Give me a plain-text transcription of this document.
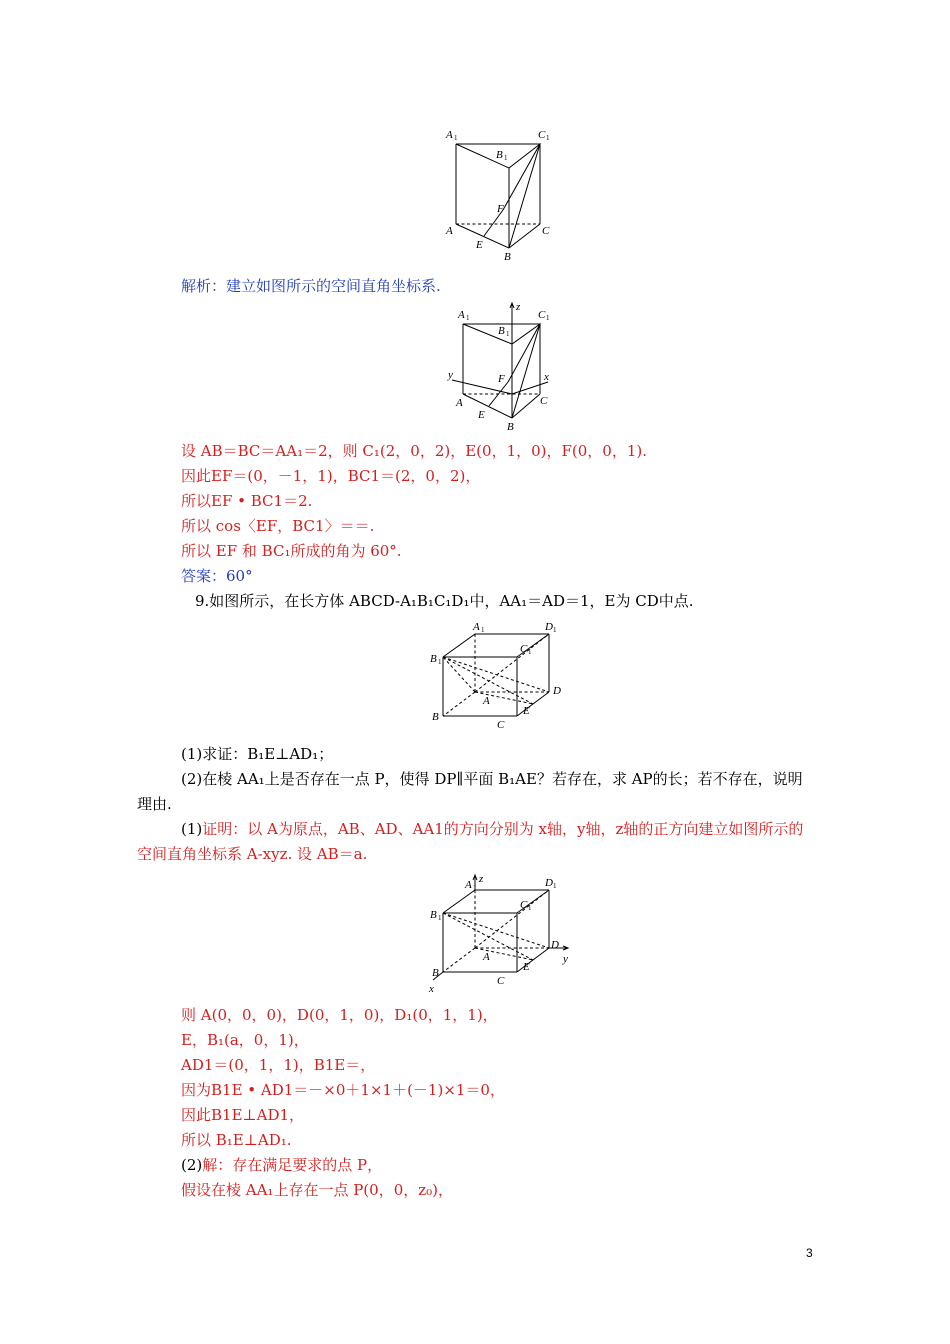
A 1	C 1
B 1
F
A
E
C
B
解析：建立如图所示的空间直角坐标系.
z
y	x
A 1	C 1
B 1
F
A
E
C
B
设 AB＝BC＝AA₁＝2，则 C₁(2，0，2)，E(0，1，0)，F(0，0，1).
因此EF＝(0，－1，1)，BC1＝(2，0，2)，
所以EF • BC1＝2.
所以 cos〈EF，BC1〉＝＝.
所以 EF 和 BC₁所成的角为 60°.
答案：60°
9.如图所示，在长方体 ABCD-A₁B₁C₁D₁中，AA₁＝AD＝1，E为 CD中点.
A 1	D 1
B 1
C 1
D
A
E
B
C
(1)求证：B₁E⊥AD₁；
(2)在棱 AA₁上是否存在一点 P，使得 DP∥平面 B₁AE？若存在，求 AP的长；若不存在，说明
理由.
(1)证明：以 A为原点，AB、AD、AA1的方向分别为 x轴，y轴，z轴的正方向建立如图所示的
空间直角坐标系 A-xyz. 设 AB＝a.
z
y
x
A 1	D 1
B 1
C 1
D
A
E
B
C
则 A(0，0，0)，D(0，1，0)，D₁(0，1，1)，
E，B₁(a，0，1)，
AD1＝(0，1，1)，B1E＝，
因为B1E • AD1＝－×0＋1×1＋(－1)×1＝0，
因此B1E⊥AD1，
所以 B₁E⊥AD₁.
(2)解：存在满足要求的点 P，
假设在棱 AA₁上存在一点 P(0，0，z₀)，
3
